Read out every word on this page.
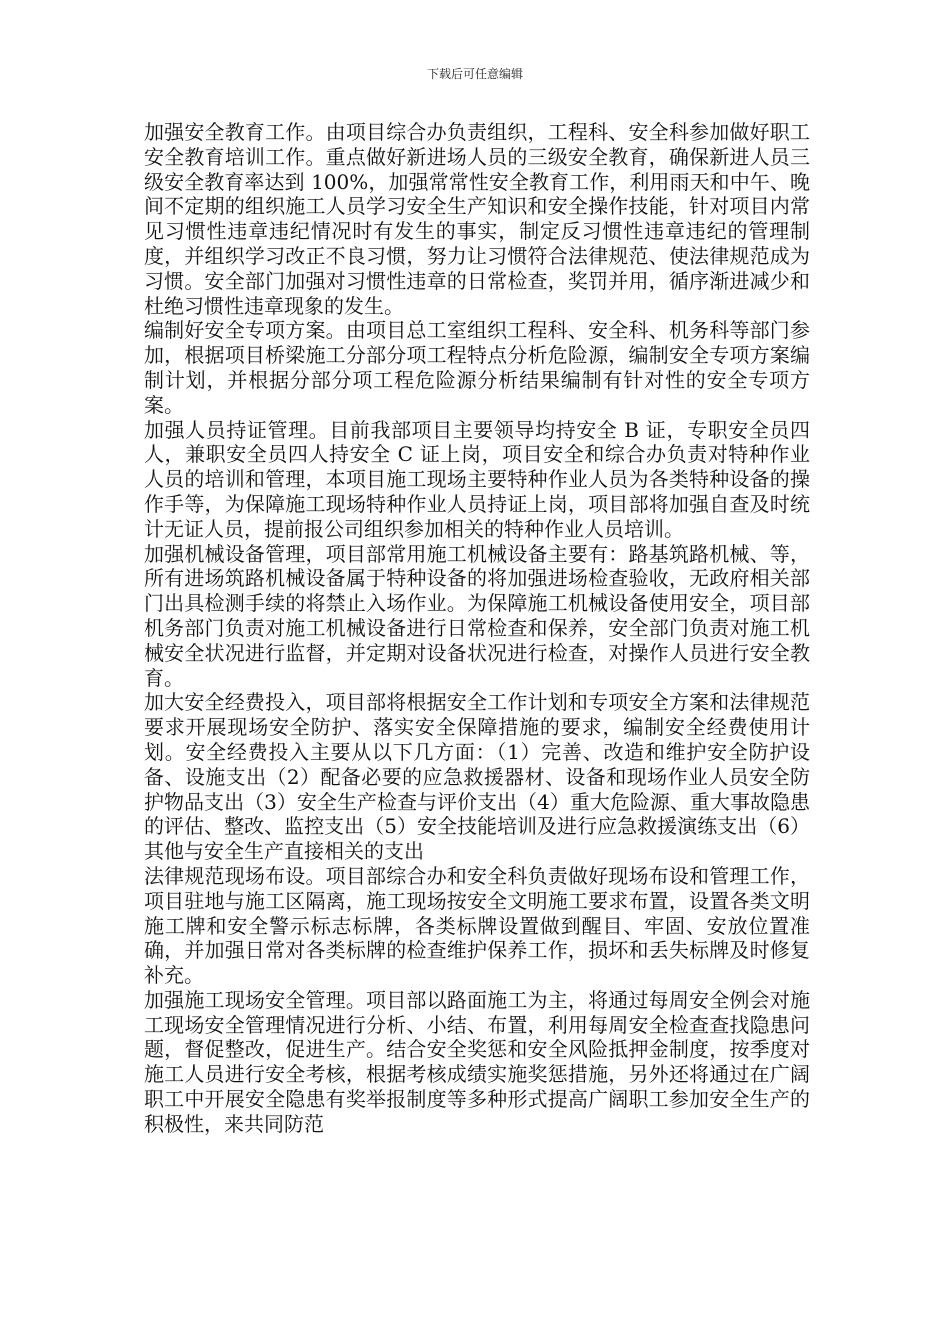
下载后可任意编辑

加强安全教育工作。由项目综合办负责组织，工程科、安全科参加做好职工安全教育培训工作。重点做好新进场人员的三级安全教育，确保新进人员三级安全教育率达到 100%，加强常常性安全教育工作，利用雨天和中午、晚间不定期的组织施工人员学习安全生产知识和安全操作技能，针对项目内常见习惯性违章违纪情况时有发生的事实，制定反习惯性违章违纪的管理制度，并组织学习改正不良习惯，努力让习惯符合法律规范、使法律规范成为习惯。安全部门加强对习惯性违章的日常检查，奖罚并用，循序渐进减少和杜绝习惯性违章现象的发生。

编制好安全专项方案。由项目总工室组织工程科、安全科、机务科等部门参加，根据项目桥梁施工分部分项工程特点分析危险源，编制安全专项方案编制计划，并根据分部分项工程危险源分析结果编制有针对性的安全专项方案。

加强人员持证管理。目前我部项目主要领导均持安全 B 证，专职安全员四人，兼职安全员四人持安全 C 证上岗，项目安全和综合办负责对特种作业人员的培训和管理，本项目施工现场主要特种作业人员为各类特种设备的操作手等，为保障施工现场特种作业人员持证上岗，项目部将加强自查及时统计无证人员，提前报公司组织参加相关的特种作业人员培训。

加强机械设备管理，项目部常用施工机械设备主要有：路基筑路机械、等，所有进场筑路机械设备属于特种设备的将加强进场检查验收，无政府相关部门出具检测手续的将禁止入场作业。为保障施工机械设备使用安全，项目部机务部门负责对施工机械设备进行日常检查和保养，安全部门负责对施工机械安全状况进行监督，并定期对设备状况进行检查，对操作人员进行安全教育。

加大安全经费投入，项目部将根据安全工作计划和专项安全方案和法律规范要求开展现场安全防护、落实安全保障措施的要求，编制安全经费使用计划。安全经费投入主要从以下几方面：（1）完善、改造和维护安全防护设备、设施支出（2）配备必要的应急救援器材、设备和现场作业人员安全防护物品支出（3）安全生产检查与评价支出（4）重大危险源、重大事故隐患的评估、整改、监控支出（5）安全技能培训及进行应急救援演练支出（6）其他与安全生产直接相关的支出

法律规范现场布设。项目部综合办和安全科负责做好现场布设和管理工作，项目驻地与施工区隔离，施工现场按安全文明施工要求布置，设置各类文明施工牌和安全警示标志标牌，各类标牌设置做到醒目、牢固、安放位置准确，并加强日常对各类标牌的检查维护保养工作，损坏和丢失标牌及时修复补充。

加强施工现场安全管理。项目部以路面施工为主，将通过每周安全例会对施工现场安全管理情况进行分析、小结、布置，利用每周安全检查查找隐患问题，督促整改，促进生产。结合安全奖惩和安全风险抵押金制度，按季度对施工人员进行安全考核，根据考核成绩实施奖惩措施，另外还将通过在广阔职工中开展安全隐患有奖举报制度等多种形式提高广阔职工参加安全生产的积极性，来共同防范
